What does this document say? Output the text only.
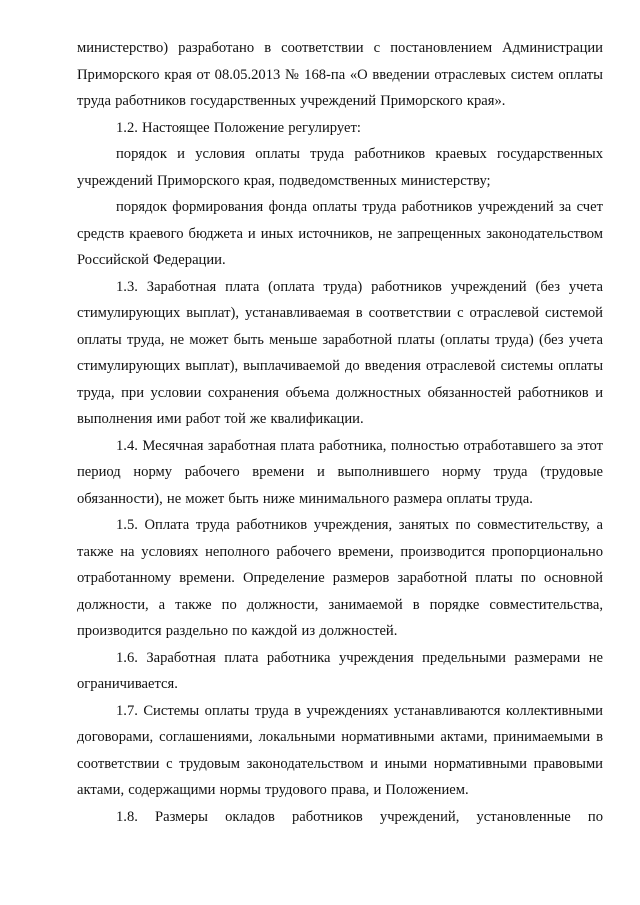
министерство) разработано в соответствии с постановлением Администрации Приморского края от 08.05.2013 № 168-па «О введении отраслевых систем оплаты труда работников государственных учреждений Приморского края».

1.2. Настоящее Положение регулирует:

порядок и условия оплаты труда работников краевых государственных учреждений Приморского края, подведомственных министерству;

порядок формирования фонда оплаты труда работников учреждений за счет средств краевого бюджета и иных источников, не запрещенных законодательством Российской Федерации.

1.3. Заработная плата (оплата труда) работников учреждений (без учета стимулирующих выплат), устанавливаемая в соответствии с отраслевой системой оплаты труда, не может быть меньше заработной платы (оплаты труда) (без учета стимулирующих выплат), выплачиваемой до введения отраслевой системы оплаты труда, при условии сохранения объема должностных обязанностей работников и выполнения ими работ той же квалификации.

1.4. Месячная заработная плата работника, полностью отработавшего за этот период норму рабочего времени и выполнившего норму труда (трудовые обязанности), не может быть ниже минимального размера оплаты труда.

1.5. Оплата труда работников учреждения, занятых по совместительству, а также на условиях неполного рабочего времени, производится пропорционально отработанному времени. Определение размеров заработной платы по основной должности, а также по должности, занимаемой в порядке совместительства, производится раздельно по каждой из должностей.

1.6. Заработная плата работника учреждения предельными размерами не ограничивается.

1.7. Системы оплаты труда в учреждениях устанавливаются коллективными договорами, соглашениями, локальными нормативными актами, принимаемыми в соответствии с трудовым законодательством и иными нормативными правовыми актами, содержащими нормы трудового права, и Положением.

1.8. Размеры окладов работников учреждений, установленные по
